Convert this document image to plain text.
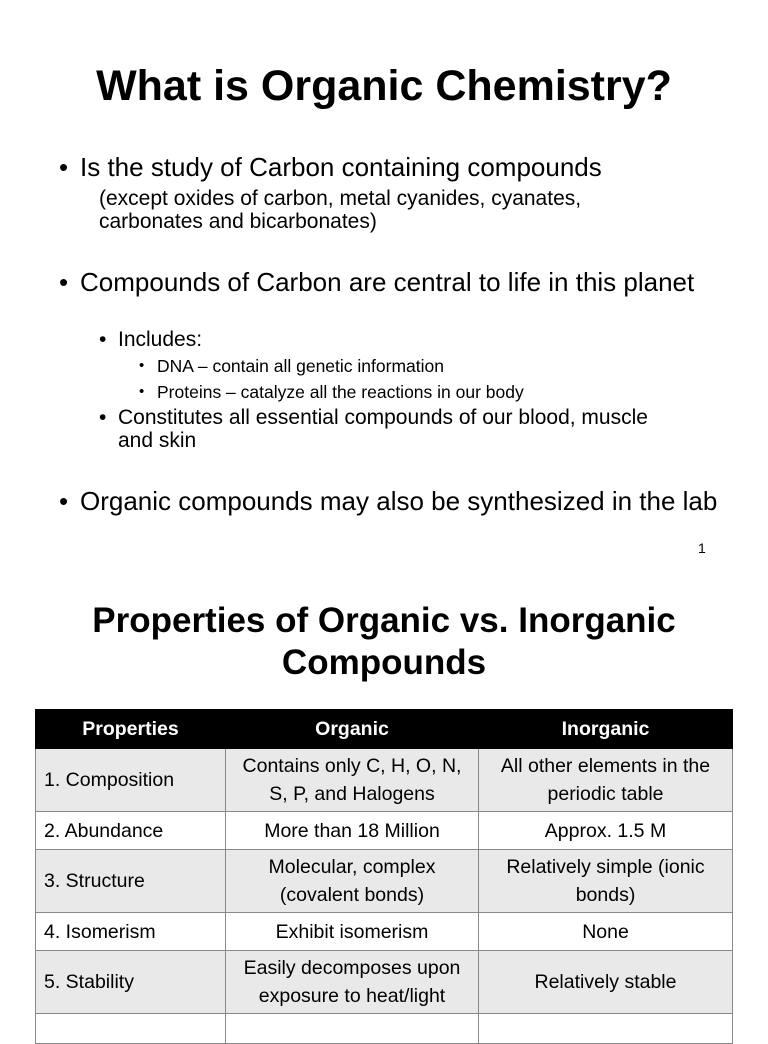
What is Organic Chemistry?
• Is the study of Carbon containing compounds
(except oxides of carbon, metal cyanides, cyanates,
carbonates and bicarbonates)
• Compounds of Carbon are central to life in this planet
• Includes:
• DNA – contain all genetic information
• Proteins – catalyze all the reactions in our body
• Constitutes all essential compounds of our blood, muscle and skin
• Organic compounds may also be synthesized in the lab
1
Properties of Organic vs. Inorganic
Compounds
Properties	Organic	Inorganic
1. Composition	Contains only C, H, O, N, S, P, and Halogens	All other elements in the periodic table
2. Abundance	More than 18 Million	Approx. 1.5 M
3. Structure	Molecular, complex (covalent bonds)	Relatively simple (ionic bonds)
4. Isomerism	Exhibit isomerism	None
5. Stability	Easily decomposes upon exposure to heat/light	Relatively stable
